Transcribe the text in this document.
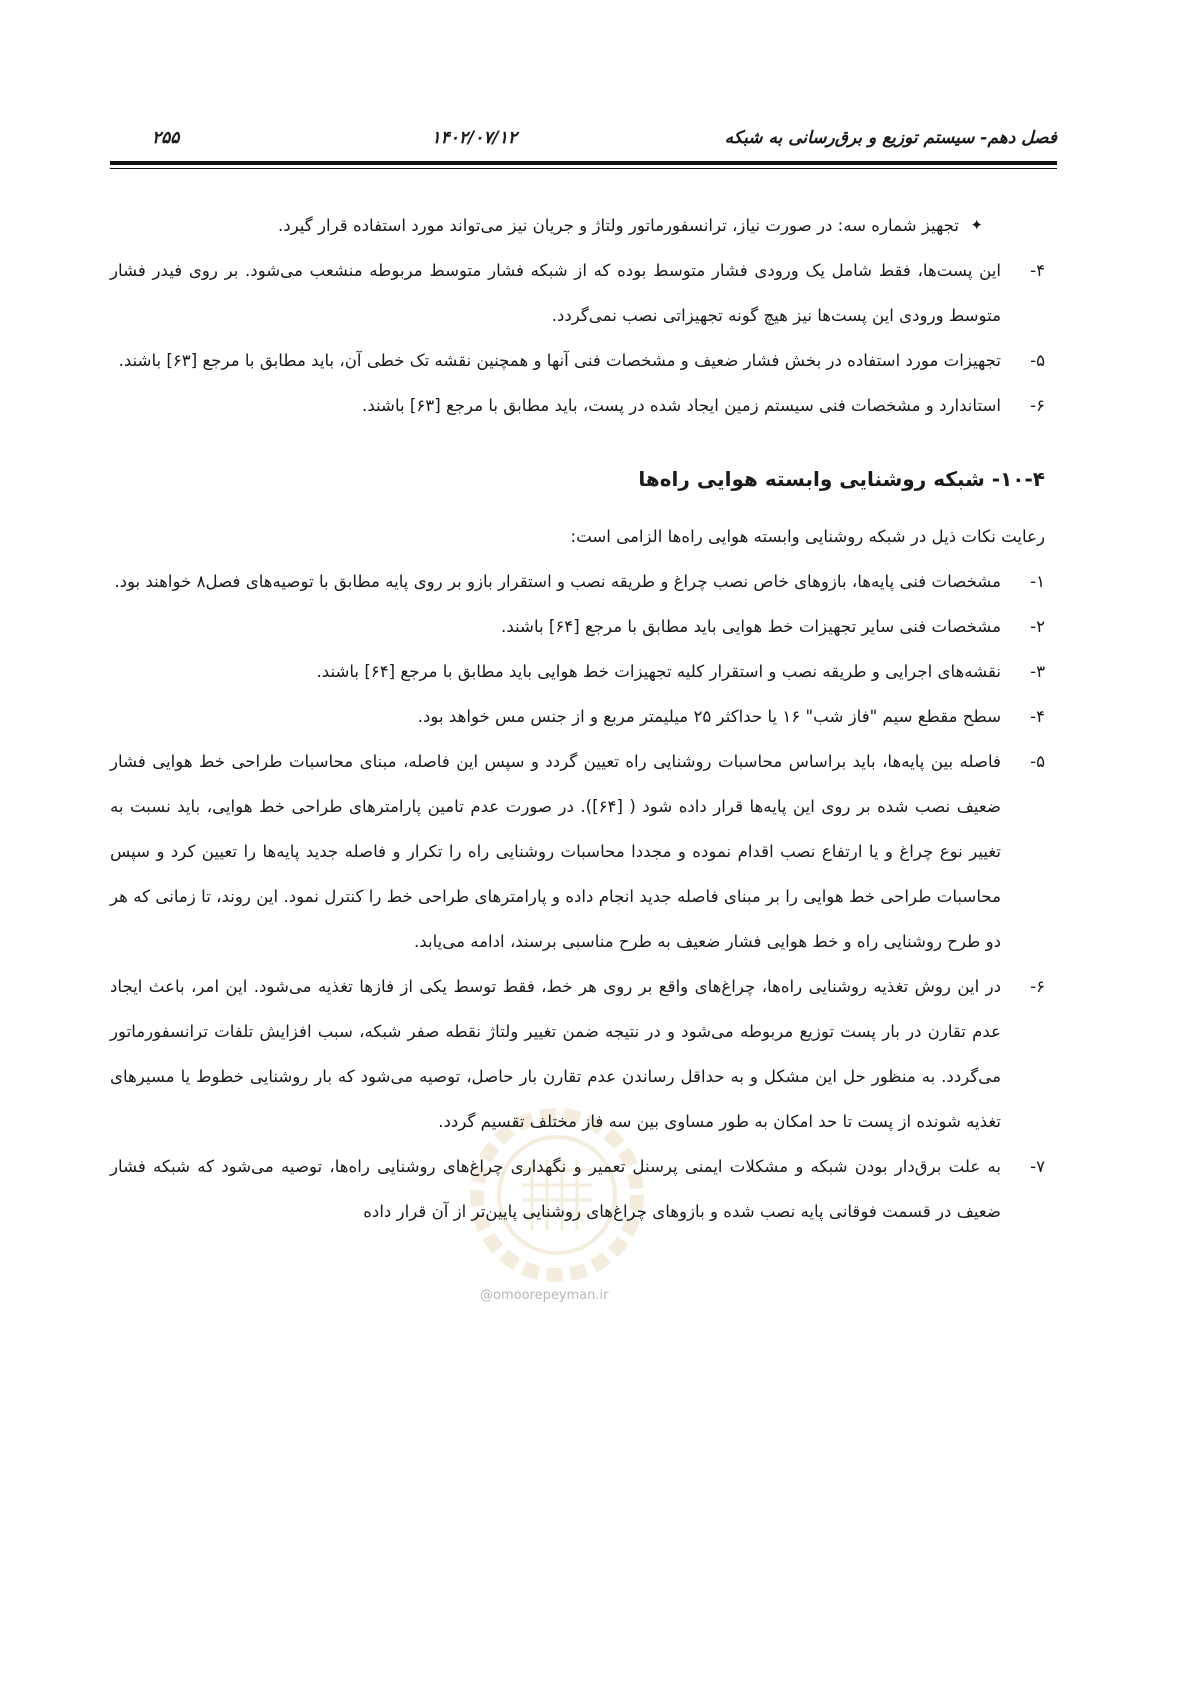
فصل دهم- سیستم توزیع و برق‌رسانی به شبکه
۱۴۰۲/۰۷/۱۲
۲۵۵
@omoorepeyman.ir
✦
تجهیز شماره سه: در صورت نیاز، ترانسفورماتور ولتاژ و جریان نیز می‌تواند مورد استفاده قرار گیرد.
۴-
این پست‌ها، فقط شامل یک ورودی فشار متوسط بوده که از شبکه فشار متوسط مربوطه منشعب می‌شود. بر روی فیدر فشار متوسط ورودی این پست‌ها نیز هیچ گونه تجهیزاتی نصب نمی‌گردد.
۵-
تجهیزات مورد استفاده در بخش فشار ضعیف و مشخصات فنی آنها و همچنین نقشه تک خطی آن، باید مطابق با مرجع [۶۳] باشند.
۶-
استاندارد و مشخصات فنی سیستم زمین ایجاد شده در پست، باید مطابق با مرجع [۶۳] باشند.
۱۰-۴- شبکه روشنایی وابسته هوایی راه‌ها
رعایت نکات ذیل در شبکه روشنایی وابسته هوایی راه‌ها الزامی است:
۱-
مشخصات فنی پایه‌ها، بازوهای خاص نصب چراغ و طریقه نصب و استقرار بازو بر روی پایه مطابق با توصیه‌های فصل۸ خواهند بود.
۲-
مشخصات فنی سایر تجهیزات خط هوایی باید مطابق با مرجع [۶۴] باشند.
۳-
نقشه‌های اجرایی و طریقه نصب و استقرار کلیه تجهیزات خط هوایی باید مطابق با مرجع [۶۴] باشند.
۴-
سطح مقطع سیم "فاز شب" ۱۶ یا حداکثر ۲۵ میلیمتر مربع و از جنس مس خواهد بود.
۵-
فاصله بین پایه‌ها، باید براساس محاسبات روشنایی راه تعیین گردد و سپس این فاصله، مبنای محاسبات طراحی خط هوایی فشار ضعیف نصب شده بر روی این پایه‌ها قرار داده شود ( [۶۴]). در صورت عدم تامین پارامترهای طراحی خط هوایی، باید نسبت به تغییر نوع چراغ و یا ارتفاع نصب اقدام نموده و مجددا محاسبات روشنایی راه را تکرار و فاصله جدید پایه‌ها را تعیین کرد و سپس محاسبات طراحی خط هوایی را بر مبنای فاصله جدید انجام داده و پارامترهای طراحی خط را کنترل نمود. این روند، تا زمانی که هر دو طرح روشنایی راه و خط هوایی فشار ضعیف به طرح مناسبی برسند، ادامه می‌یابد.
۶-
در این روش تغذیه روشنایی راه‌ها، چراغ‌های واقع بر روی هر خط، فقط توسط یکی از فازها تغذیه می‌شود. این امر، باعث ایجاد عدم تقارن در بار پست توزیع مربوطه می‌شود و در نتیجه ضمن تغییر ولتاژ نقطه صفر شبکه، سبب افزایش تلفات ترانسفورماتور می‌گردد. به منظور حل این مشکل و به حداقل رساندن عدم تقارن بار حاصل، توصیه می‌شود که بار روشنایی خطوط یا مسیرهای تغذیه شونده از پست تا حد امکان به طور مساوی بین سه فاز مختلف تقسیم گردد.
۷-
به علت برق‌دار بودن شبکه و مشکلات ایمنی پرسنل تعمیر و نگهداری چراغ‌های روشنایی راه‌ها، توصیه می‌شود که شبکه فشار ضعیف در قسمت فوقانی پایه نصب شده و بازوهای چراغ‌های روشنایی پایین‌تر از آن قرار داده
